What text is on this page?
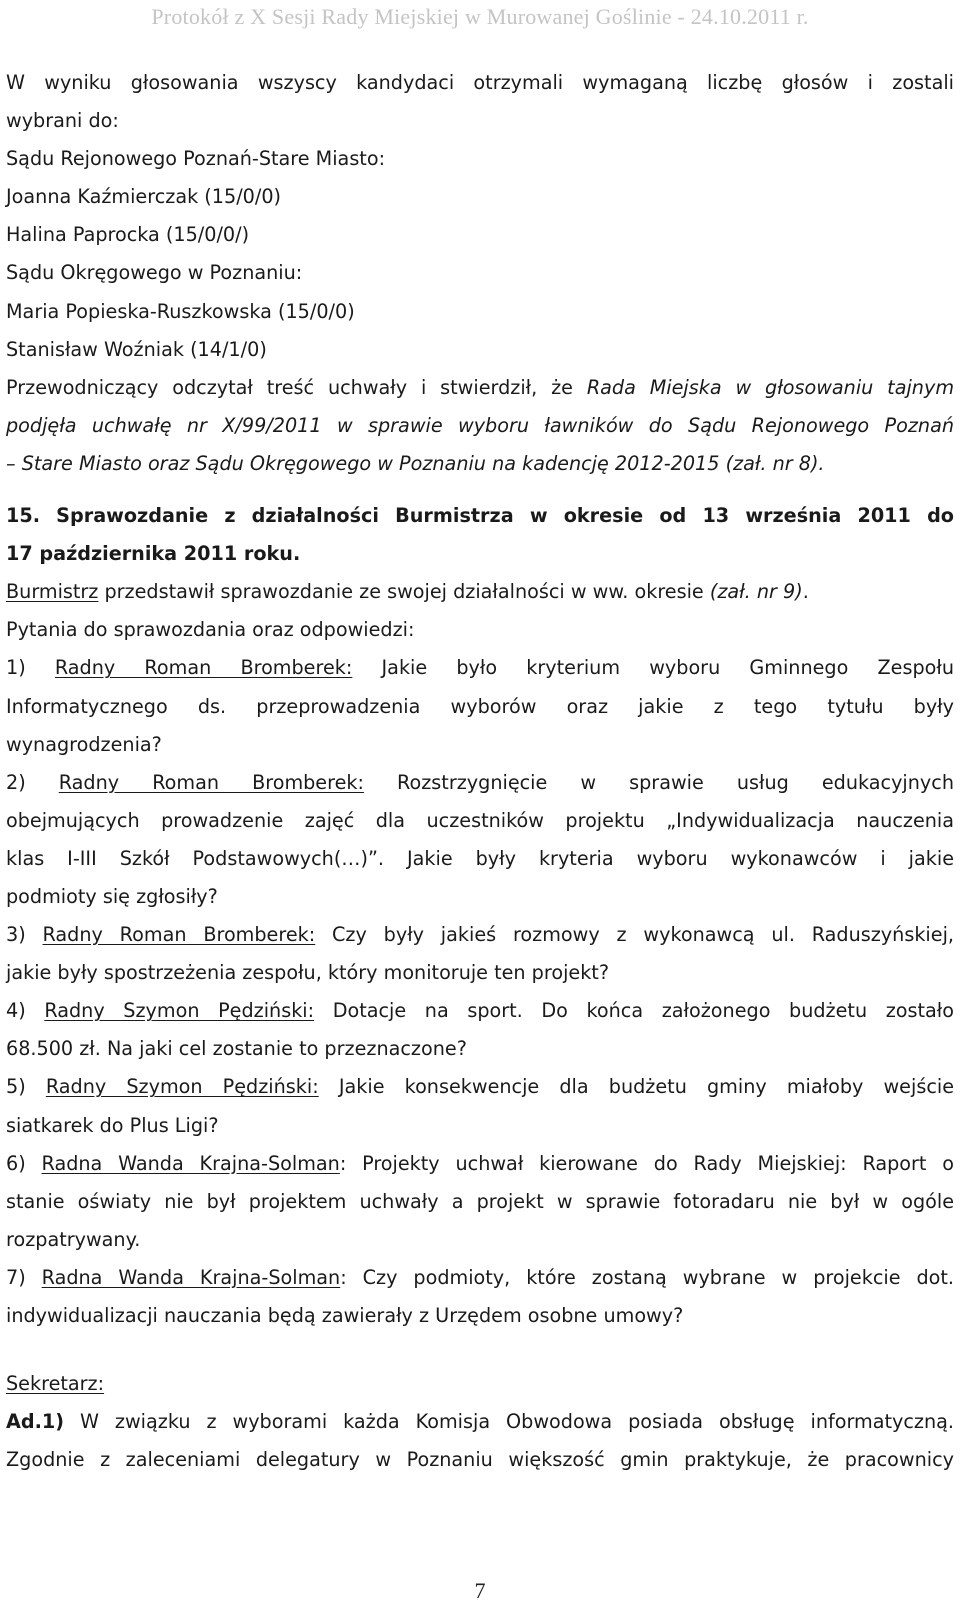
Protokół z X Sesji Rady Miejskiej w Murowanej Goślinie - 24.10.2011 r.
W wyniku głosowania wszyscy kandydaci otrzymali wymaganą liczbę głosów i zostali
wybrani do:
Sądu Rejonowego Poznań-Stare Miasto:
Joanna Kaźmierczak (15/0/0)
Halina Paprocka (15/0/0/)
Sądu Okręgowego w Poznaniu:
Maria Popieska-Ruszkowska (15/0/0)
Stanisław Woźniak (14/1/0)
Przewodniczący odczytał treść uchwały i stwierdził, że Rada Miejska w głosowaniu tajnym
podjęła uchwałę nr X/99/2011 w sprawie wyboru ławników do Sądu Rejonowego Poznań
– Stare Miasto oraz Sądu Okręgowego w Poznaniu na kadencję 2012-2015 (zał. nr 8).
15. Sprawozdanie z działalności Burmistrza w okresie od 13 września 2011 do
17 października 2011 roku.
Burmistrz przedstawił sprawozdanie ze swojej działalności w ww. okresie (zał. nr 9).
Pytania do sprawozdania oraz odpowiedzi:
1) Radny Roman Bromberek: Jakie było kryterium wyboru Gminnego Zespołu
Informatycznego ds. przeprowadzenia wyborów oraz jakie z tego tytułu były
wynagrodzenia?
2) Radny Roman Bromberek: Rozstrzygnięcie w sprawie usług edukacyjnych
obejmujących prowadzenie zajęć dla uczestników projektu „Indywidualizacja nauczenia
klas I-III Szkół Podstawowych(…)”. Jakie były kryteria wyboru wykonawców i jakie
podmioty się zgłosiły?
3) Radny Roman Bromberek: Czy były jakieś rozmowy z wykonawcą ul. Raduszyńskiej,
jakie były spostrzeżenia zespołu, który monitoruje ten projekt?
4) Radny Szymon Pędziński: Dotacje na sport. Do końca założonego budżetu zostało
68.500 zł. Na jaki cel zostanie to przeznaczone?
5) Radny Szymon Pędziński: Jakie konsekwencje dla budżetu gminy miałoby wejście
siatkarek do Plus Ligi?
6) Radna Wanda Krajna-Solman: Projekty uchwał kierowane do Rady Miejskiej: Raport o
stanie oświaty nie był projektem uchwały a projekt w sprawie fotoradaru nie był w ogóle
rozpatrywany.
7) Radna Wanda Krajna-Solman: Czy podmioty, które zostaną wybrane w projekcie dot.
indywidualizacji nauczania będą zawierały z Urzędem osobne umowy?
Sekretarz:
Ad.1) W związku z wyborami każda Komisja Obwodowa posiada obsługę informatyczną.
Zgodnie z zaleceniami delegatury w Poznaniu większość gmin praktykuje, że pracownicy
7
